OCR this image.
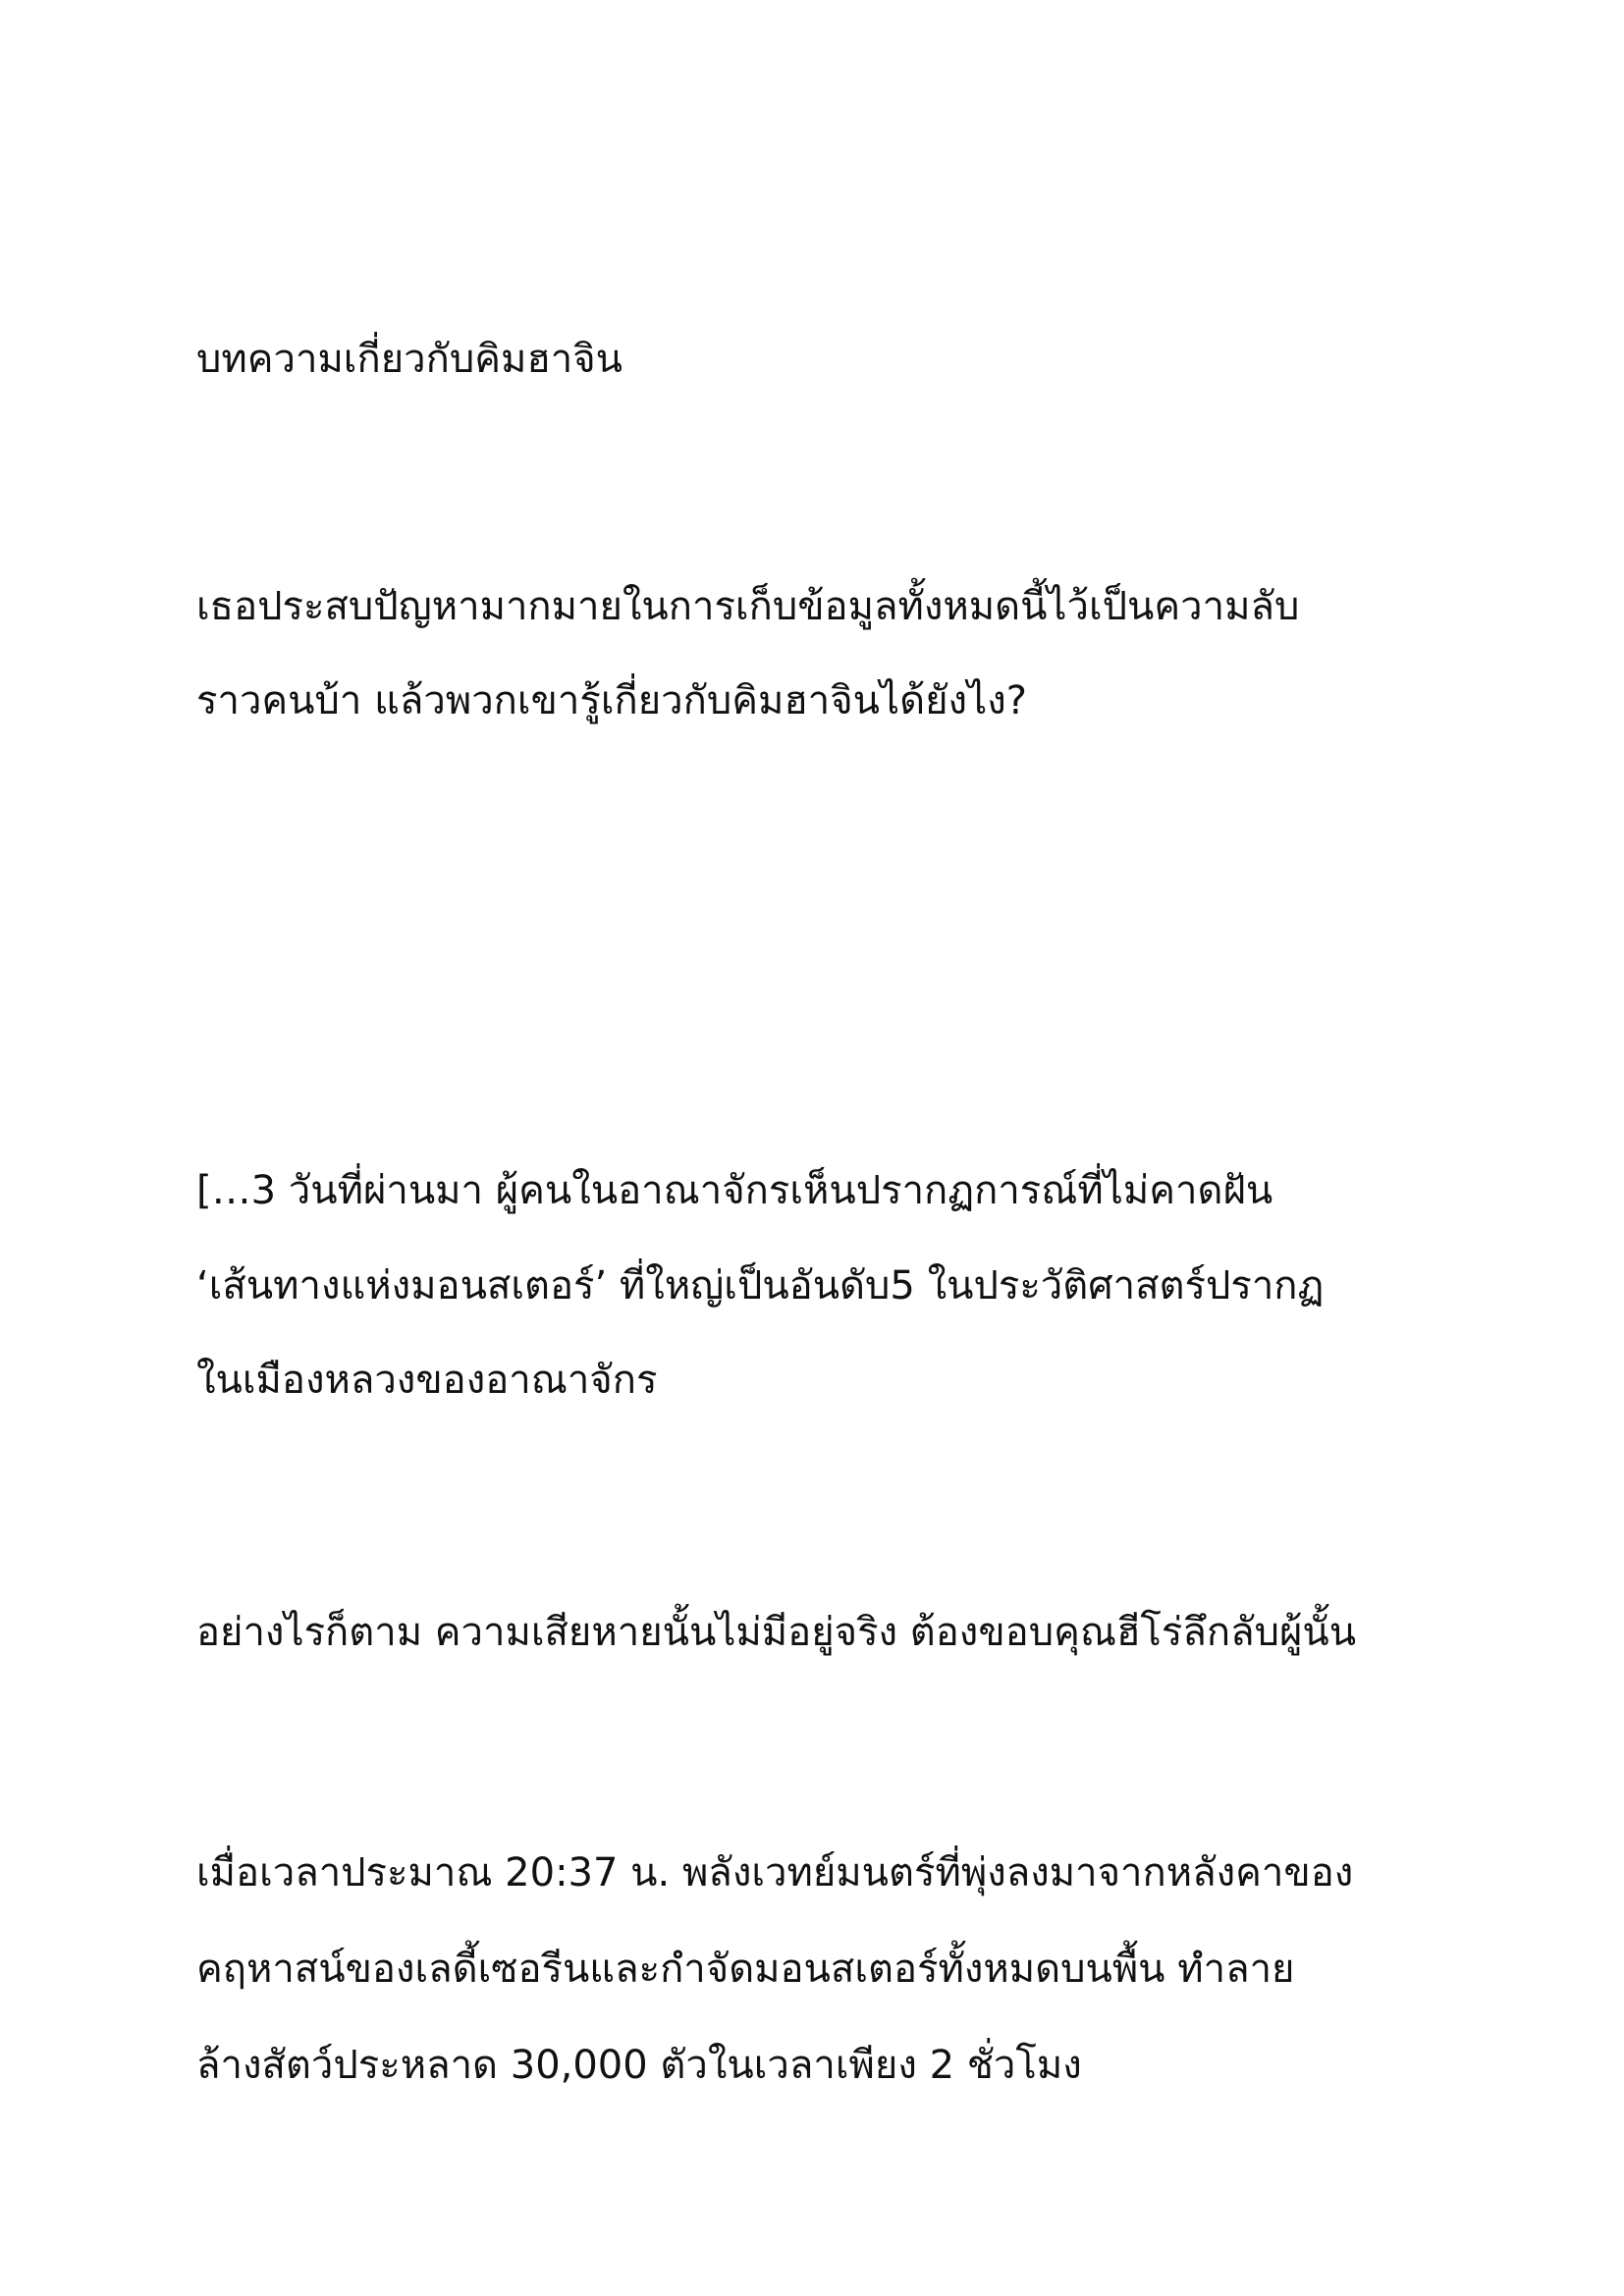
บทความเกี่ยวกับคิมฮาจิน
เธอประสบปัญหามากมายในการเก็บข้อมูลทั้งหมดนี้ไว้เป็นความลับ
ราวคนบ้า แล้วพวกเขารู้เกี่ยวกับคิมฮาจินได้ยังไง?
[…3 วันที่ผ่านมา ผู้คนในอาณาจักรเห็นปรากฏการณ์ที่ไม่คาดฝัน
‘เส้นทางแห่งมอนสเตอร์’ ที่ใหญ่เป็นอันดับ5 ในประวัติศาสตร์ปรากฏ
ในเมืองหลวงของอาณาจักร
อย่างไรก็ตาม ความเสียหายนั้นไม่มีอยู่จริง ต้องขอบคุณฮีโร่ลึกลับผู้นั้น
เมื่อเวลาประมาณ 20:37 น. พลังเวทย์มนตร์ที่พุ่งลงมาจากหลังคาของ
คฤหาสน์ของเลดี้เซอรีนและกำจัดมอนสเตอร์ทั้งหมดบนพื้น ทำลาย
ล้างสัตว์ประหลาด 30,000 ตัวในเวลาเพียง 2 ชั่วโมง
